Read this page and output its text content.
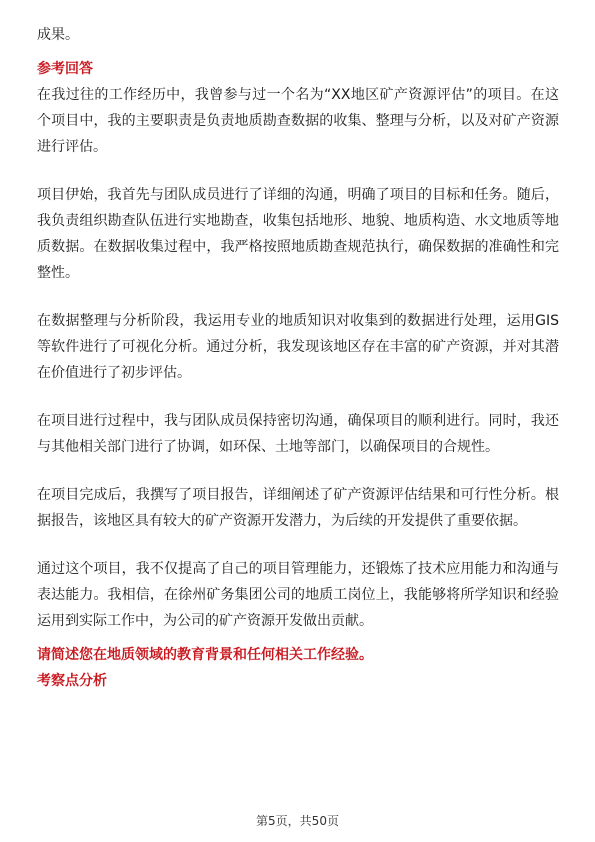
成果。

参考回答

在我过往的工作经历中，我曾参与过一个名为“XX地区矿产资源评估”的项目。在这个项目中，我的主要职责是负责地质勘查数据的收集、整理与分析，以及对矿产资源进行评估。

项目伊始，我首先与团队成员进行了详细的沟通，明确了项目的目标和任务。随后，我负责组织勘查队伍进行实地勘查，收集包括地形、地貌、地质构造、水文地质等地质数据。在数据收集过程中，我严格按照地质勘查规范执行，确保数据的准确性和完整性。

在数据整理与分析阶段，我运用专业的地质知识对收集到的数据进行处理，运用GIS等软件进行了可视化分析。通过分析，我发现该地区存在丰富的矿产资源，并对其潜在价值进行了初步评估。

在项目进行过程中，我与团队成员保持密切沟通，确保项目的顺利进行。同时，我还与其他相关部门进行了协调，如环保、土地等部门，以确保项目的合规性。

在项目完成后，我撰写了项目报告，详细阐述了矿产资源评估结果和可行性分析。根据报告，该地区具有较大的矿产资源开发潜力，为后续的开发提供了重要依据。

通过这个项目，我不仅提高了自己的项目管理能力，还锻炼了技术应用能力和沟通与表达能力。我相信，在徐州矿务集团公司的地质工岗位上，我能够将所学知识和经验运用到实际工作中，为公司的矿产资源开发做出贡献。

请简述您在地质领域的教育背景和任何相关工作经验。

考察点分析

第5页，共50页
